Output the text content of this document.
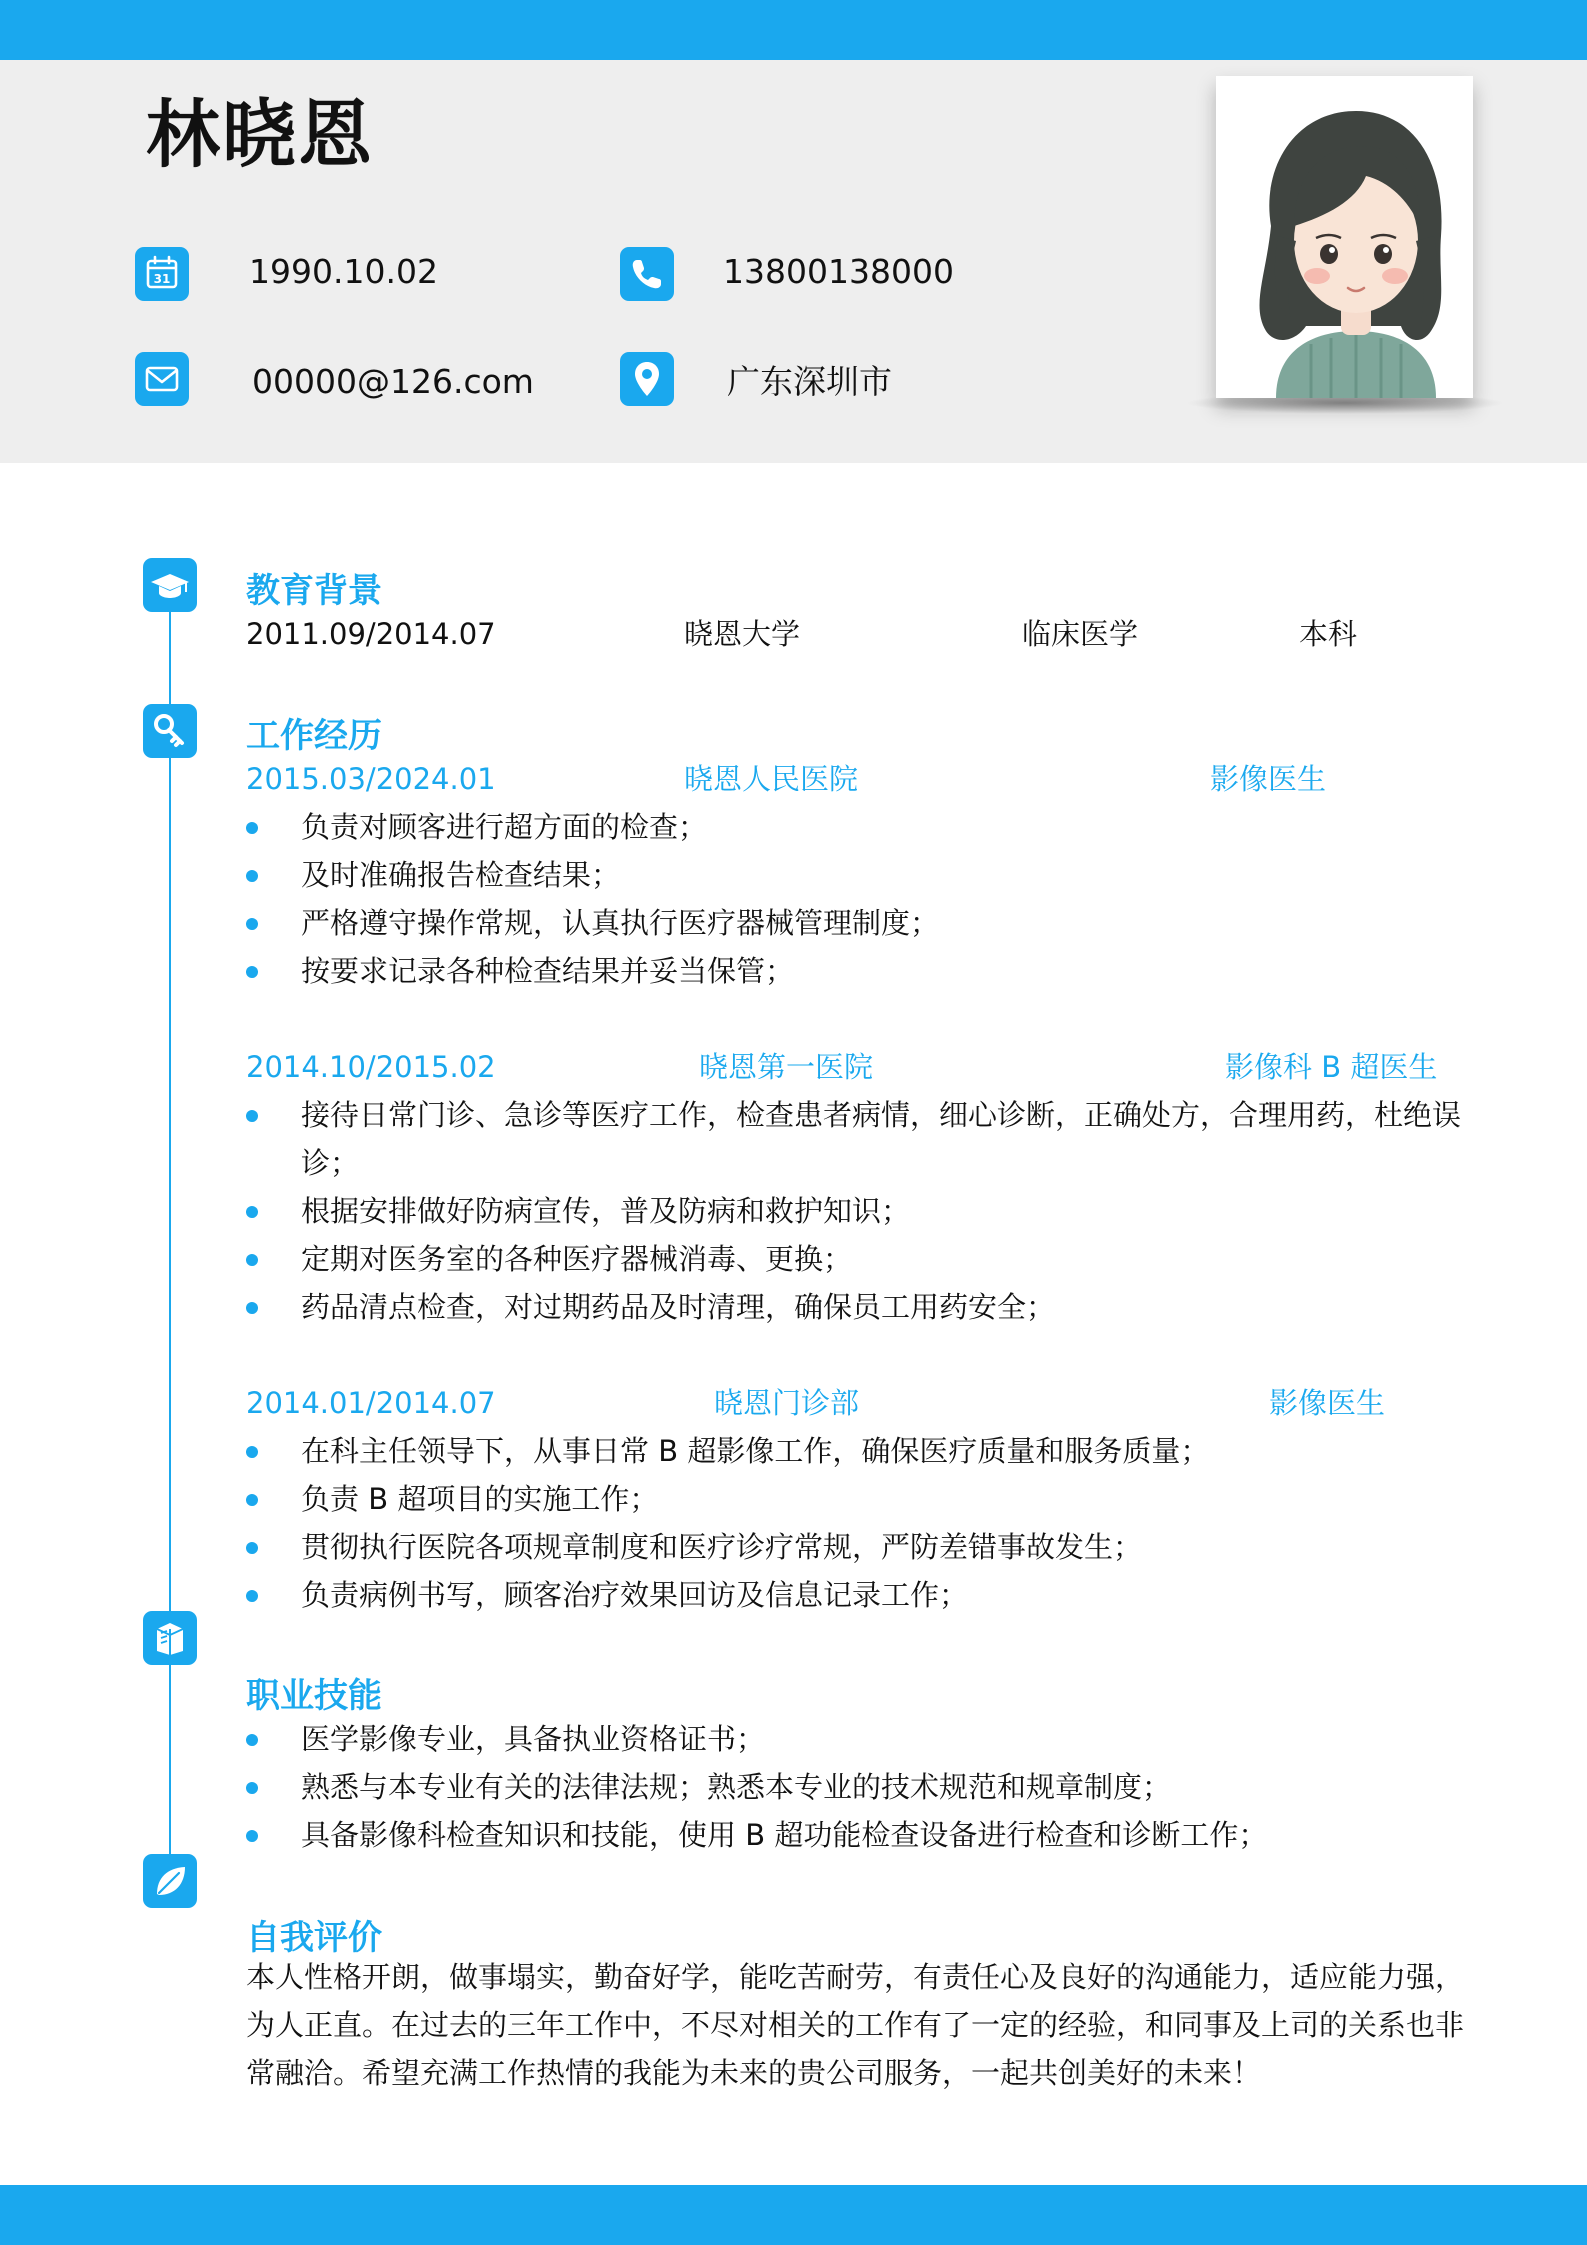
林晓恩
31 1990.10.02	13800138000
00000@126.com	广东深圳市
教育背景
2011.09/2014.07	晓恩大学	临床医学	本科
工作经历
2015.03/2024.01	晓恩人民医院	影像医生
负责对顾客进行超方面的检查；
及时准确报告检查结果；
严格遵守操作常规，认真执行医疗器械管理制度；
按要求记录各种检查结果并妥当保管；
2014.10/2015.02	晓恩第一医院	影像科 B 超医生
接待日常门诊、急诊等医疗工作，检查患者病情，细心诊断，正确处方，合理用药，杜绝误
诊；
根据安排做好防病宣传，普及防病和救护知识；
定期对医务室的各种医疗器械消毒、更换；
药品清点检查，对过期药品及时清理，确保员工用药安全；
2014.01/2014.07	晓恩门诊部	影像医生
在科主任领导下，从事日常 B 超影像工作，确保医疗质量和服务质量；
负责 B 超项目的实施工作；
贯彻执行医院各项规章制度和医疗诊疗常规，严防差错事故发生；
负责病例书写，顾客治疗效果回访及信息记录工作；
职业技能
医学影像专业，具备执业资格证书；
熟悉与本专业有关的法律法规；熟悉本专业的技术规范和规章制度；
具备影像科检查知识和技能，使用 B 超功能检查设备进行检查和诊断工作；
自我评价
本人性格开朗，做事塌实，勤奋好学，能吃苦耐劳，有责任心及良好的沟通能力，适应能力强，
为人正直。在过去的三年工作中，不尽对相关的工作有了一定的经验，和同事及上司的关系也非
常融洽。希望充满工作热情的我能为未来的贵公司服务，一起共创美好的未来！
